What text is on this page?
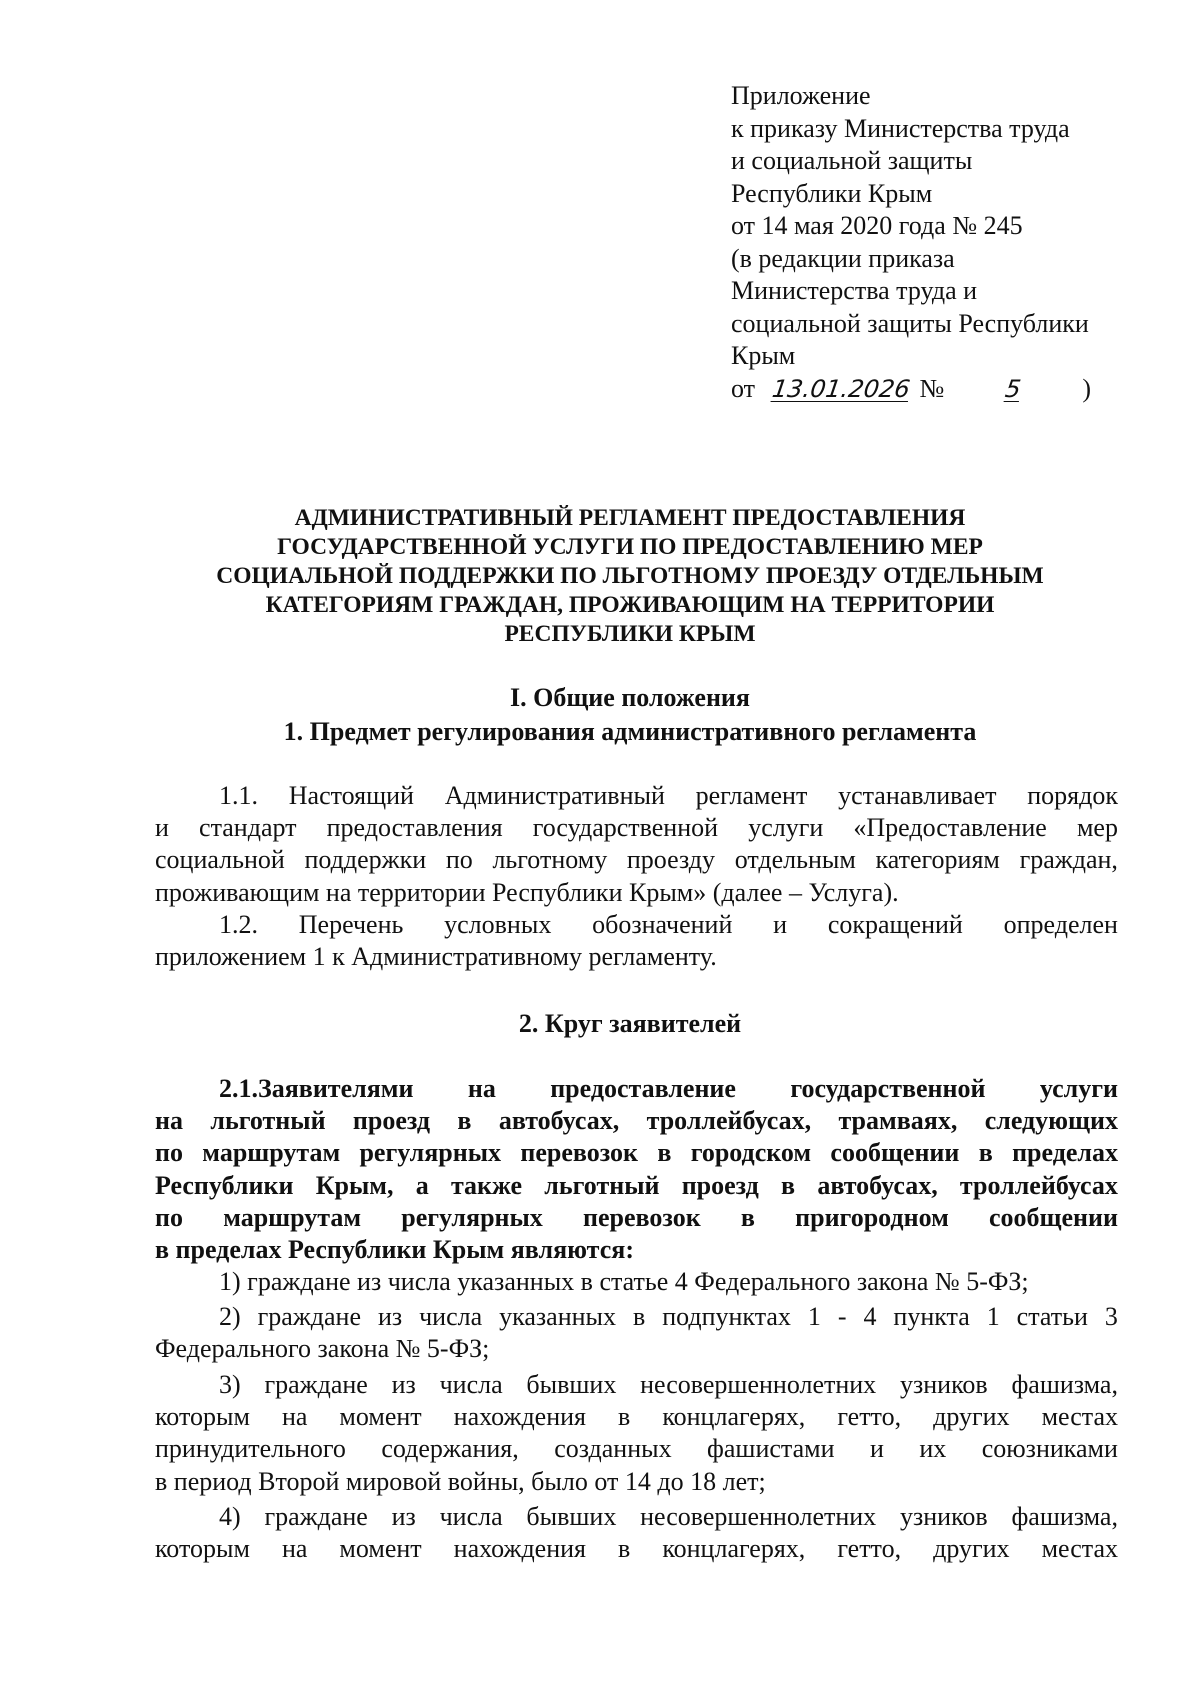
Приложение
к приказу Министерства труда
и социальной защиты
Республики Крым
от 14 мая 2020 года № 245
(в редакции приказа
Министерства труда и
социальной защиты Республики
Крым
от 13.01.2026 № 5 )
АДМИНИСТРАТИВНЫЙ РЕГЛАМЕНТ ПРЕДОСТАВЛЕНИЯ
ГОСУДАРСТВЕННОЙ УСЛУГИ ПО ПРЕДОСТАВЛЕНИЮ МЕР
СОЦИАЛЬНОЙ ПОДДЕРЖКИ ПО ЛЬГОТНОМУ ПРОЕЗДУ ОТДЕЛЬНЫМ
КАТЕГОРИЯМ ГРАЖДАН, ПРОЖИВАЮЩИМ НА ТЕРРИТОРИИ
РЕСПУБЛИКИ КРЫМ
I. Общие положения
1. Предмет регулирования административного регламента
1.1. Настоящий Административный регламент устанавливает порядок
и стандарт предоставления государственной услуги «Предоставление мер
социальной поддержки по льготному проезду отдельным категориям граждан,
проживающим на территории Республики Крым» (далее – Услуга).
1.2. Перечень условных обозначений и сокращений определен
приложением 1 к Административному регламенту.
2. Круг заявителей
2.1.Заявителями на предоставление государственной услуги
на льготный проезд в автобусах, троллейбусах, трамваях, следующих
по маршрутам регулярных перевозок в городском сообщении в пределах
Республики Крым, а также льготный проезд в автобусах, троллейбусах
по маршрутам регулярных перевозок в пригородном сообщении
в пределах Республики Крым являются:
1) граждане из числа указанных в статье 4 Федерального закона № 5-ФЗ;
2) граждане из числа указанных в подпунктах 1 - 4 пункта 1 статьи 3
Федерального закона № 5-ФЗ;
3) граждане из числа бывших несовершеннолетних узников фашизма,
которым на момент нахождения в концлагерях, гетто, других местах
принудительного содержания, созданных фашистами и их союзниками
в период Второй мировой войны, было от 14 до 18 лет;
4) граждане из числа бывших несовершеннолетних узников фашизма,
которым на момент нахождения в концлагерях, гетто, других местах
